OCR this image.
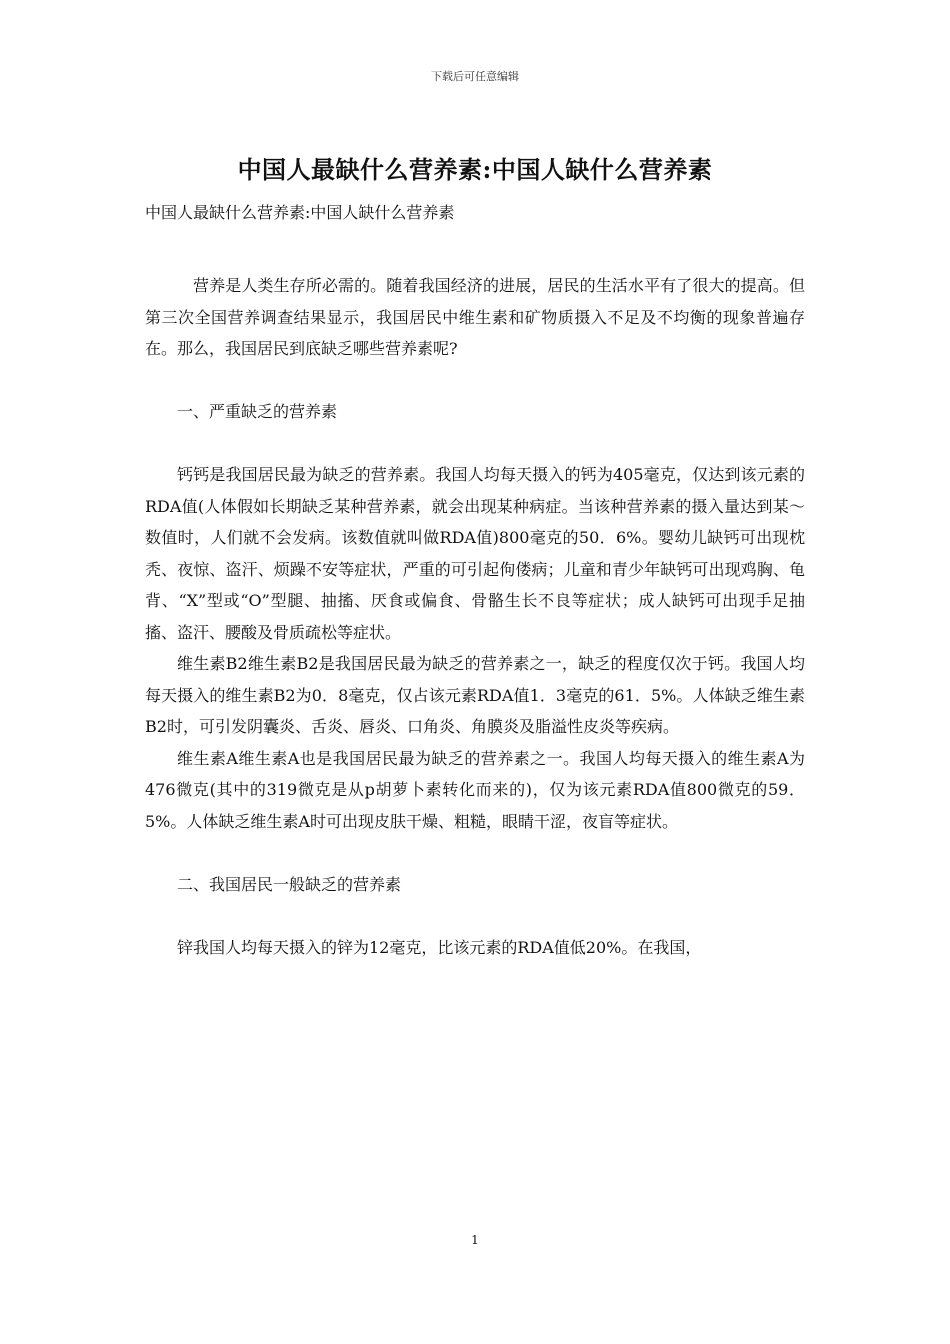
下载后可任意编辑
中国人最缺什么营养素:中国人缺什么营养素
中国人最缺什么营养素:中国人缺什么营养素

营养是人类生存所必需的。随着我国经济的进展，居民的生活水平有了很大的提高。但第三次全国营养调查结果显示，我国居民中维生素和矿物质摄入不足及不均衡的现象普遍存在。那么，我国居民到底缺乏哪些营养素呢?

一、严重缺乏的营养素

钙钙是我国居民最为缺乏的营养素。我国人均每天摄入的钙为405毫克，仅达到该元素的RDA值(人体假如长期缺乏某种营养素，就会出现某种病症。当该种营养素的摄入量达到某～数值时，人们就不会发病。该数值就叫做RDA值)800毫克的50．6%。婴幼儿缺钙可出现枕秃、夜惊、盗汗、烦躁不安等症状，严重的可引起佝偻病；儿童和青少年缺钙可出现鸡胸、龟背、“X”型或“O”型腿、抽搐、厌食或偏食、骨骼生长不良等症状；成人缺钙可出现手足抽搐、盗汗、腰酸及骨质疏松等症状。

维生素B2维生素B2是我国居民最为缺乏的营养素之一，缺乏的程度仅次于钙。我国人均每天摄入的维生素B2为0．8毫克，仅占该元素RDA值1．3毫克的61．5%。人体缺乏维生素B2时，可引发阴囊炎、舌炎、唇炎、口角炎、角膜炎及脂溢性皮炎等疾病。

维生素A维生素A也是我国居民最为缺乏的营养素之一。我国人均每天摄入的维生素A为476微克(其中的319微克是从p胡萝卜素转化而来的)，仅为该元素RDA值800微克的59．5%。人体缺乏维生素A时可出现皮肤干燥、粗糙，眼睛干涩，夜盲等症状。

二、我国居民一般缺乏的营养素

锌我国人均每天摄入的锌为12毫克，比该元素的RDA值低20%。在我国，

1
